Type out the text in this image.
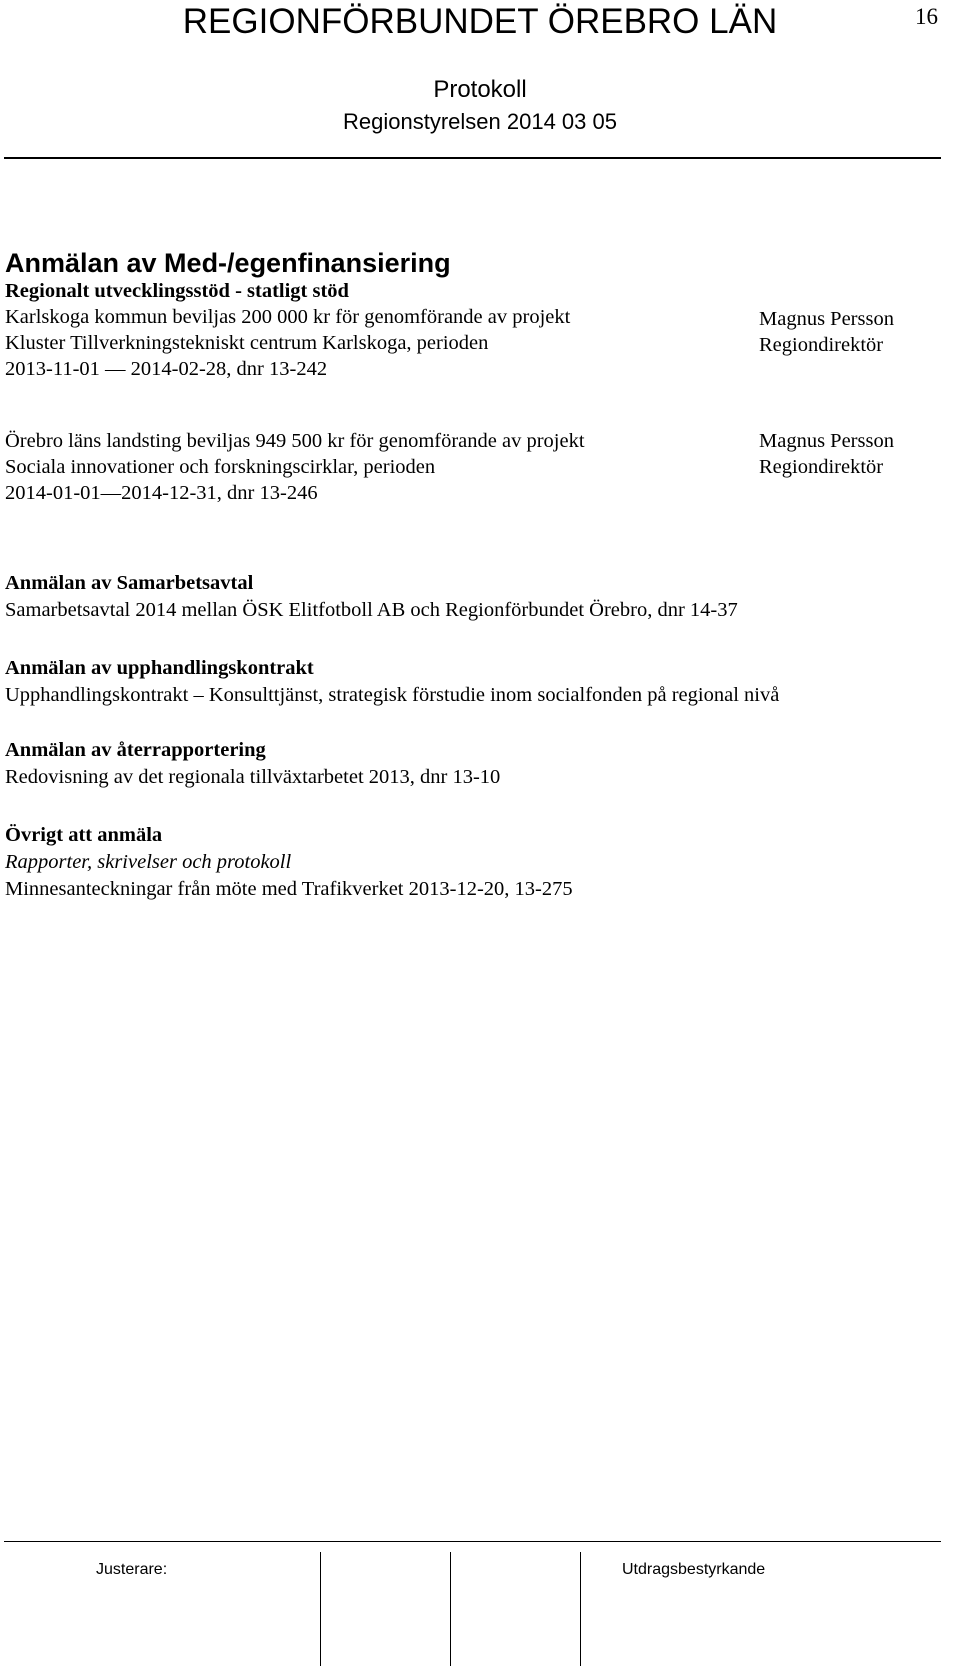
REGIONFÖRBUNDET ÖREBRO LÄN	16
Protokoll
Regionstyrelsen 2014 03 05
Anmälan av Med-/egenfinansiering
Regionalt utvecklingsstöd - statligt stöd
Karlskoga kommun beviljas 200 000 kr för genomförande av projekt
Kluster Tillverkningstekniskt centrum Karlskoga, perioden
2013-11-01 — 2014-02-28, dnr 13-242
Magnus Persson
Regiondirektör
Örebro läns landsting beviljas 949 500 kr för genomförande av projekt
Sociala innovationer och forskningscirklar, perioden
2014-01-01—2014-12-31, dnr 13-246
Magnus Persson
Regiondirektör
Anmälan av Samarbetsavtal
Samarbetsavtal 2014 mellan ÖSK Elitfotboll AB och Regionförbundet Örebro, dnr 14-37
Anmälan av upphandlingskontrakt
Upphandlingskontrakt – Konsulttjänst, strategisk förstudie inom socialfonden på regional nivå
Anmälan av återrapportering
Redovisning av det regionala tillväxtarbetet 2013, dnr 13-10
Övrigt att anmäla
Rapporter, skrivelser och protokoll
Minnesanteckningar från möte med Trafikverket 2013-12-20, 13-275
Justerare:	Utdragsbestyrkande
